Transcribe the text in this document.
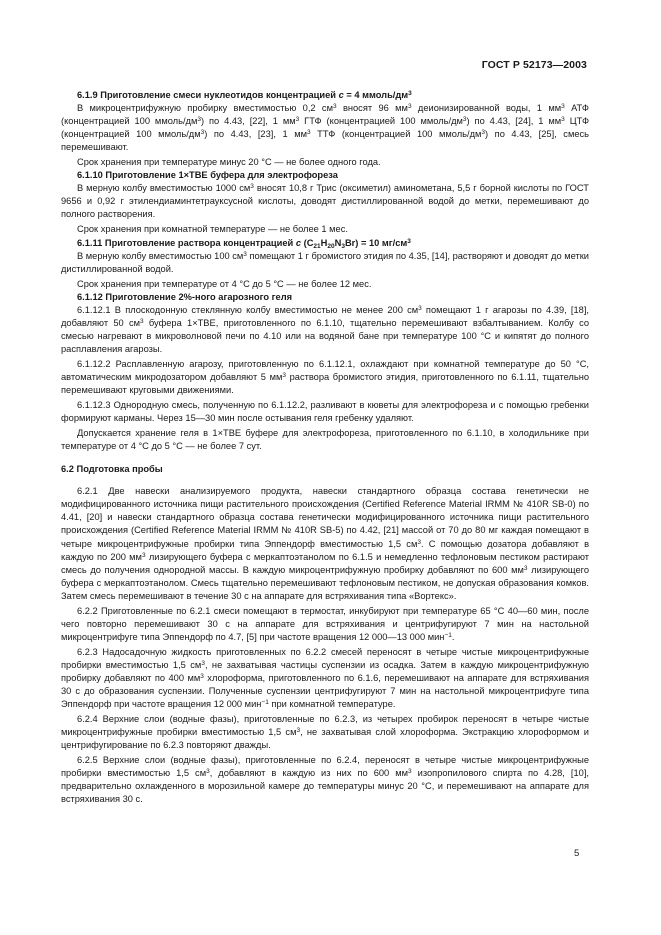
ГОСТ Р 52173—2003

6.1.9 Приготовление смеси нуклеотидов концентрацией c = 4 ммоль/$дм^3$

В микроцентрифужную пробирку вместимостью 0,2 $см^3$ вносят 96 $мм^3$ деионизированной воды, 1 $мм^3$ АТФ (концентрацией 100 ммоль/$дм^3$) по 4.43, [22], 1 $мм^3$ ГТФ (концентрацией 100 ммоль/$дм^3$) по 4.43, [24], 1 $мм^3$ ЦТФ (концентрацией 100 ммоль/$дм^3$) по 4.43, [23], 1 $мм^3$ ТТФ (концентрацией 100 ммоль/$дм^3$) по 4.43, [25], смесь перемешивают.

Срок хранения при температуре минус 20 °С — не более одного года.

6.1.10 Приготовление 1×ТВЕ буфера для электрофореза

В мерную колбу вместимостью 1000 $см^3$ вносят 10,8 г Трис (оксиметил) аминометана, 5,5 г борной кислоты по ГОСТ 9656 и 0,92 г этилендиаминтетрауксусной кислоты, доводят дистиллированной водой до метки, перемешивают до полного растворения.

Срок хранения при комнатной температуре — не более 1 мес.

6.1.11 Приготовление раствора концентрацией c $(C_{21}H_{20}N_3Br) = 10$ $мг/см^3$

В мерную колбу вместимостью 100 $см^3$ помещают 1 г бромистого этидия по 4.35, [14], растворяют и доводят до метки дистиллированной водой.

Срок хранения при температуре от 4 °С до 5 °С — не более 12 мес.

6.1.12 Приготовление 2%-ного агарозного геля

6.1.12.1 В плоскодонную стеклянную колбу вместимостью не менее 200 $см^3$ помещают 1 г агарозы по 4.39, [18], добавляют 50 $см^3$ буфера 1×ТВЕ, приготовленного по 6.1.10, тщательно перемешивают взбалтыванием. Колбу со смесью нагревают в микроволновой печи по 4.10 или на водяной бане при температуре 100 °С и кипятят до полного расплавления агарозы.

6.1.12.2 Расплавленную агарозу, приготовленную по 6.1.12.1, охлаждают при комнатной температуре до 50 °С, автоматическим микродозатором добавляют 5 $мм^3$ раствора бромистого этидия, приготовленного по 6.1.11, тщательно перемешивают круговыми движениями.

6.1.12.3 Однородную смесь, полученную по 6.1.12.2, разливают в кюветы для электрофореза и с помощью гребенки формируют карманы. Через 15—30 мин после остывания геля гребенку удаляют.

Допускается хранение геля в 1×ТВЕ буфере для электрофореза, приготовленного по 6.1.10, в холодильнике при температуре от 4 °С до 5 °С — не более 7 сут.

6.2 Подготовка пробы

6.2.1 Две навески анализируемого продукта, навески стандартного образца состава генетически не модифицированного источника пищи растительного происхождения (Certified Reference Material IRMM № 410R SB-0) по 4.41, [20] и навески стандартного образца состава генетически модифицированного источника пищи растительного происхождения (Certified Reference Material IRMM № 410R SB-5) по 4.42, [21] массой от 70 до 80 мг каждая помещают в четыре микроцентрифужные пробирки типа Эппендорф вместимостью 1,5 $см^3$. С помощью дозатора добавляют в каждую по 200 $мм^3$ лизирующего буфера с меркаптоэтанолом по 6.1.5 и немедленно тефлоновым пестиком растирают смесь до получения однородной массы. В каждую микроцентрифужную пробирку добавляют по 600 $мм^3$ лизирующего буфера с меркаптоэтанолом. Смесь тщательно перемешивают тефлоновым пестиком, не допуская образования комков. Затем смесь перемешивают в течение 30 с на аппарате для встряхивания типа «Вортекс».

6.2.2 Приготовленные по 6.2.1 смеси помещают в термостат, инкубируют при температуре 65 °С 40—60 мин, после чего повторно перемешивают 30 с на аппарате для встряхивания и центрифугируют 7 мин на настольной микроцентрифуге типа Эппендорф по 4.7, [5] при частоте вращения 12 000—13 000 мин$^{-1}$.

6.2.3 Надосадочную жидкость приготовленных по 6.2.2 смесей переносят в четыре чистые микроцентрифужные пробирки вместимостью 1,5 $см^3$, не захватывая частицы суспензии из осадка. Затем в каждую микроцентрифужную пробирку добавляют по 400 $мм^3$ хлороформа, приготовленного по 6.1.6, перемешивают на аппарате для встряхивания 30 с до образования суспензии. Полученные суспензии центрифугируют 7 мин на настольной микроцентрифуге типа Эппендорф при частоте вращения 12 000 мин$^{-1}$ при комнатной температуре.

6.2.4 Верхние слои (водные фазы), приготовленные по 6.2.3, из четырех пробирок переносят в четыре чистые микроцентрифужные пробирки вместимостью 1,5 $см^3$, не захватывая слой хлороформа. Экстракцию хлороформом и центрифугирование по 6.2.3 повторяют дважды.

6.2.5 Верхние слои (водные фазы), приготовленные по 6.2.4, переносят в четыре чистые микроцентрифужные пробирки вместимостью 1,5 $см^3$, добавляют в каждую из них по 600 $мм^3$ изопропилового спирта по 4.28, [10], предварительно охлажденного в морозильной камере до температуры минус 20 °С, и перемешивают на аппарате для встряхивания 30 с.

5
